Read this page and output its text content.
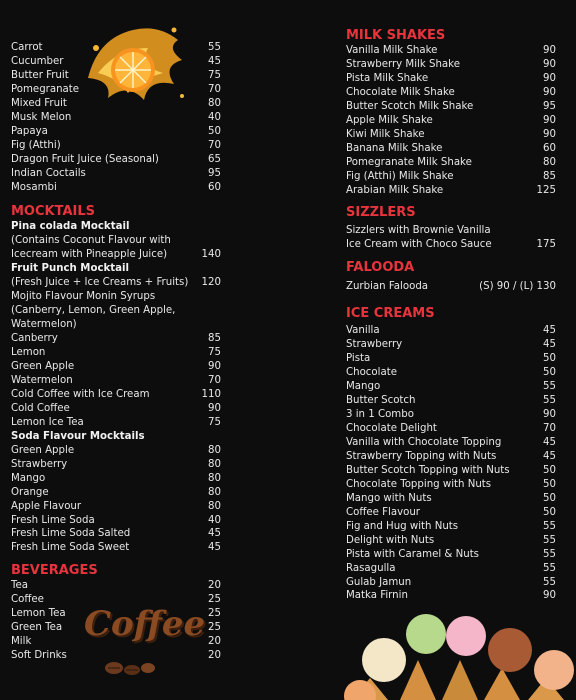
Coffee
Carrot	55
Cucumber	45
Butter Fruit	75
Pomegranate	70
Mixed Fruit	80
Musk Melon	40
Papaya	50
Fig (Atthi)	70
Dragon Fruit Juice (Seasonal)	65
Indian Coctails	95
Mosambi	60
MOCKTAILS
Pina colada Mocktail
(Contains Coconut Flavour with
Icecream with Pineapple Juice)	140
Fruit Punch Mocktail
(Fresh Juice + Ice Creams + Fruits) 120
Mojito Flavour Monin Syrups
(Canberry, Lemon, Green Apple,
Watermelon)
Canberry	85
Lemon	75
Green Apple	90
Watermelon	70
Cold Coffee with Ice Cream	110
Cold Coffee	90
Lemon Ice Tea	75
Soda Flavour Mocktails
Green Apple	80
Strawberry	80
Mango	80
Orange	80
Apple Flavour	80
Fresh Lime Soda	40
Fresh Lime Soda Salted	45
Fresh Lime Soda Sweet	45
BEVERAGES
Tea	20
Coffee	25
Lemon Tea	25
Green Tea	25
Milk	20
Soft Drinks	20
MILK SHAKES
Vanilla Milk Shake	90
Strawberry Milk Shake	90
Pista Milk Shake	90
Chocolate Milk Shake	90
Butter Scotch Milk Shake	95
Apple Milk Shake	90
Kiwi Milk Shake	90
Banana Milk Shake	60
Pomegranate Milk Shake	80
Fig (Atthi) Milk Shake	85
Arabian Milk Shake	125
SIZZLERS
Sizzlers with Brownie Vanilla
Ice Cream with Choco Sauce	175
FALOODA
Zurbian Falooda	(S) 90 / (L) 130
ICE CREAMS
Vanilla	45
Strawberry	45
Pista	50
Chocolate	50
Mango	55
Butter Scotch	55
3 in 1 Combo	90
Chocolate Delight	70
Vanilla with Chocolate Topping	45
Strawberry Topping with Nuts	45
Butter Scotch Topping with Nuts	50
Chocolate Topping with Nuts	50
Mango with Nuts	50
Coffee Flavour	50
Fig and Hug with Nuts	55
Delight with Nuts	55
Pista with Caramel & Nuts	55
Rasagulla	55
Gulab Jamun	55
Matka Firnin	90
